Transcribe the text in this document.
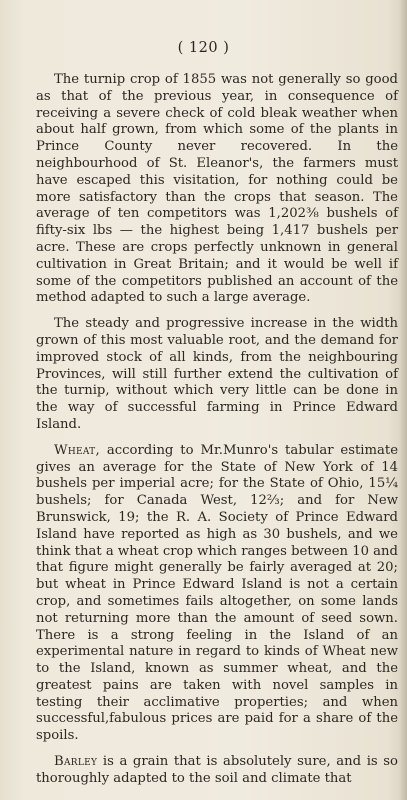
( 120 )

The turnip crop of 1855 was not generally so good as that of the previous year, in consequence of receiving a severe check of cold bleak weather when about half grown, from which some of the plants in Prince County never recovered. In the neighbourhood of St. Eleanor's, the farmers must have escaped this visitation, for nothing could be more satisfactory than the crops that season. The average of ten competitors was 1,202⅜ bushels of fifty-six lbs — the highest being 1,417 bushels per acre. These are crops perfectly unknown in general cultivation in Great Britain; and it would be well if some of the competitors published an account of the method adapted to such a large average.

The steady and progressive increase in the width grown of this most valuable root, and the demand for improved stock of all kinds, from the neighbouring Provinces, will still further extend the cultivation of the turnip, without which very little can be done in the way of successful farming in Prince Edward Island.

Wheat, according to Mr.Munro's tabular estimate gives an average for the State of New York of 14 bushels per imperial acre; for the State of Ohio, 15¼ bushels; for Canada West, 12⅔; and for New Brunswick, 19; the R. A. Society of Prince Edward Island have reported as high as 30 bushels, and we think that a wheat crop which ranges between 10 and that figure might generally be fairly averaged at 20; but wheat in Prince Edward Island is not a certain crop, and sometimes fails altogether, on some lands not returning more than the amount of seed sown. There is a strong feeling in the Island of an experimental nature in regard to kinds of Wheat new to the Island, known as summer wheat, and the greatest pains are taken with novel samples in testing their acclimative properties; and when successful,fabulous prices are paid for a share of the spoils.

Barley is a grain that is absolutely sure, and is so thoroughly adapted to the soil and climate that
